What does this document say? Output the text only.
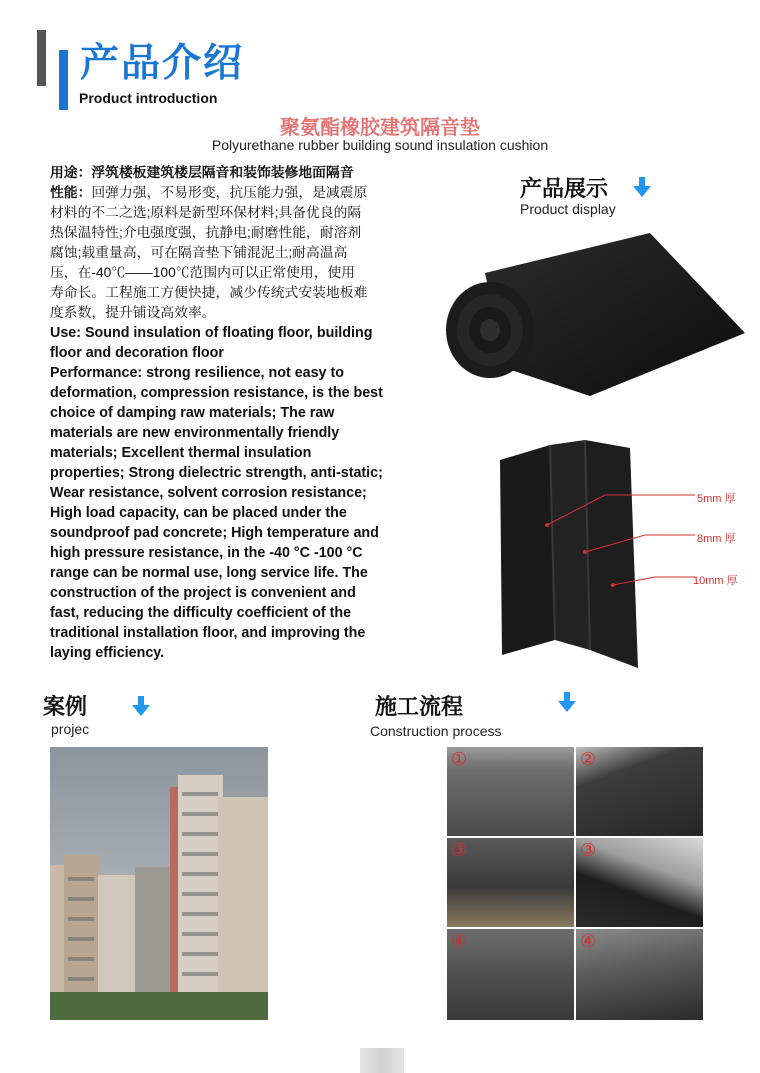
产品介绍
Product introduction
聚氨酯橡胶建筑隔音垫
Polyurethane rubber building sound insulation cushion
用途：浮筑楼板建筑楼层隔音和装饰装修地面隔音
性能：回弹力强，不易形变，抗压能力强，是减震原
材料的不二之选;原料是新型环保材料;具备优良的隔
热保温特性;介电强度强，抗静电;耐磨性能，耐溶剂
腐蚀;载重量高，可在隔音垫下铺混泥土;耐高温高
压，在-40℃——100℃范围内可以正常使用，使用
寿命长。工程施工方便快捷，减少传统式安装地板难
度系数，提升铺设高效率。
Use: Sound insulation of floating floor, building
floor and decoration floor
Performance: strong resilience, not easy to
deformation, compression resistance, is the best
choice of damping raw materials; The raw
materials are new environmentally friendly
materials; Excellent thermal insulation
properties; Strong dielectric strength, anti-static;
Wear resistance, solvent corrosion resistance;
High load capacity, can be placed under the
soundproof pad concrete; High temperature and
high pressure resistance, in the -40 °C -100 °C
range can be normal use, long service life. The
construction of the project is convenient and
fast, reducing the difficulty coefficient of the
traditional installation floor, and improving the
laying efficiency.
产品展示
Product display
5mm 厚
8mm 厚
10mm 厚
案例
projec
施工流程
Construction process
①	②
③	③
④	④
